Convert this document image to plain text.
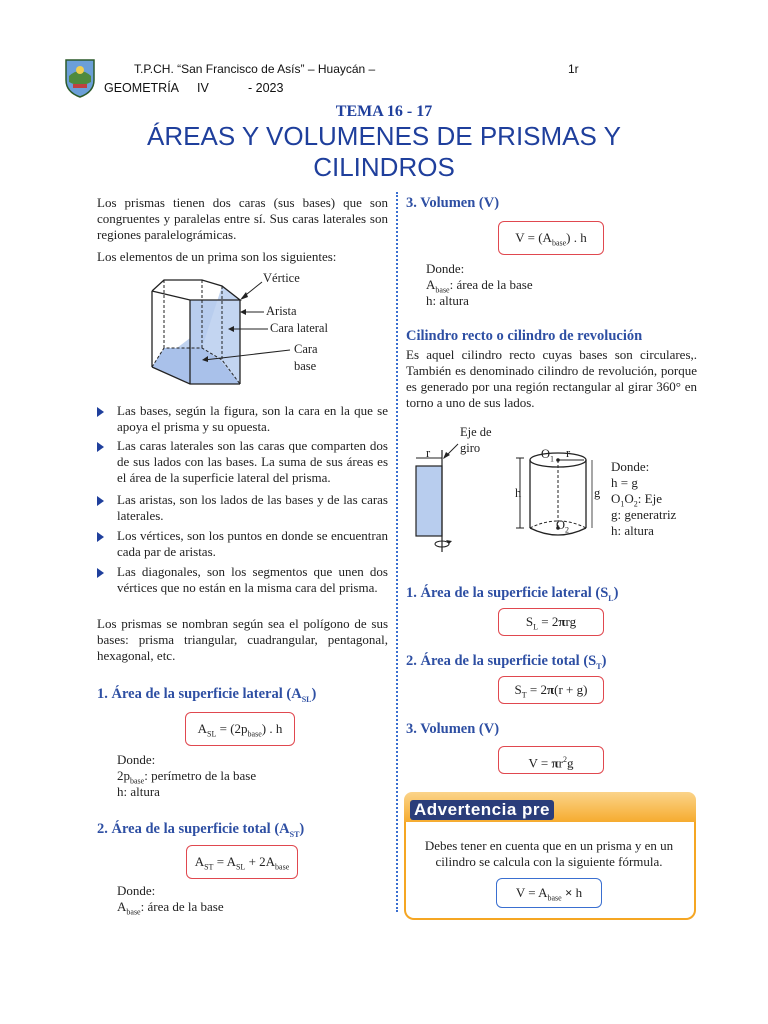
T.P.CH. “San Francisco de Asís” – Huaycán –	1r
GEOMETRÍA IV	- 2023
TEMA 16 - 17
ÁREAS Y VOLUMENES DE PRISMAS Y
CILINDROS
Los prismas tienen dos caras (sus bases) que son congruentes y paralelas entre sí. Sus caras laterales son regiones paralelográmicas.
Los elementos de un prima son los siguientes:
Vértice
Arista
Cara lateral
Cara
base
Las bases, según la figura, son la cara en la que se apoya el prisma y su opuesta.
Las caras laterales son las caras que comparten dos de sus lados con las bases. La suma de sus áreas es el área de la superficie lateral del prisma.
Las aristas, son los lados de las bases y de las caras laterales.
Los vértices, son los puntos en donde se encuentran cada par de aristas.
Las diagonales, son los segmentos que unen dos vértices que no están en la misma cara del prisma.
Los prismas se nombran según sea el polígono de sus bases: prisma triangular, cuadrangular, pentagonal, hexagonal, etc.
1. Área de la superficie lateral $(A_{SL})$
$A_{SL} = (2p_{base})$ . h
Donde:
$2p_{base}$: perímetro de la base
h: altura
2. Área de la superficie total $(A_{ST})$
$A_{ST} = A_{SL} + 2A_{base}$
Donde:
$A_{base}$: área de la base
3. Volumen (V)
$V = (A_{base})$ . h
Donde:
$A_{base}$: área de la base
h: altura
Cilindro recto o cilindro de revolución
Es aquel cilindro recto cuyas bases son circulares,. También es denominado cilindro de revolución, porque es generado por una región rectangular al girar 360° en torno a uno de sus lados.
r
Eje de
giro
h	g
$O_1$ r
$O_2$
Donde:
h = g
$O_1O_2$: Eje
g: generatriz
h: altura
1. Área de la superficie lateral $(S_L)$
$S_L = 2\pi rg$
2. Área de la superficie total $(S_T)$
$S_T = 2\pi(r + g)$
3. Volumen (V)
$V = \pi r^2g$
Advertencia pre
Debes tener en cuenta que en un prisma y en un cilindro se calcula con la siguiente fórmula.
$V = A_{base} \times h$
